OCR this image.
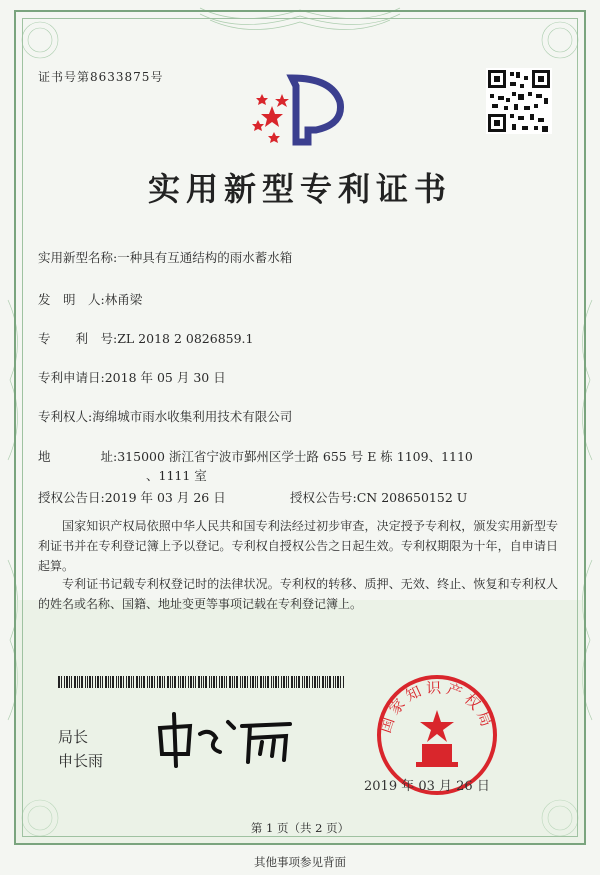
证书号第8633875号
实用新型专利证书
实用新型名称:一种具有互通结构的雨水蓄水箱
发　明　人:林甬梁
专　　利　号:ZL 2018 2 0826859.1
专利申请日:2018 年 05 月 30 日
专利权人:海绵城市雨水收集利用技术有限公司
地　　　　址:315000 浙江省宁波市鄞州区学士路 655 号 E 栋 1109、1110
、1111 室
授权公告日:2019 年 03 月 26 日	授权公告号:CN 208650152 U
国家知识产权局依照中华人民共和国专利法经过初步审查，决定授予专利权，颁发实用新型专利证书并在专利登记簿上予以登记。专利权自授权公告之日起生效。专利权期限为十年，自申请日起算。
专利证书记载专利权登记时的法律状况。专利权的转移、质押、无效、终止、恢复和专利权人的姓名或名称、国籍、地址变更等事项记载在专利登记簿上。
局长
申长雨
国家知识产权局
2019 年 03 月 26 日
第 1 页（共 2 页）
其他事项参见背面
